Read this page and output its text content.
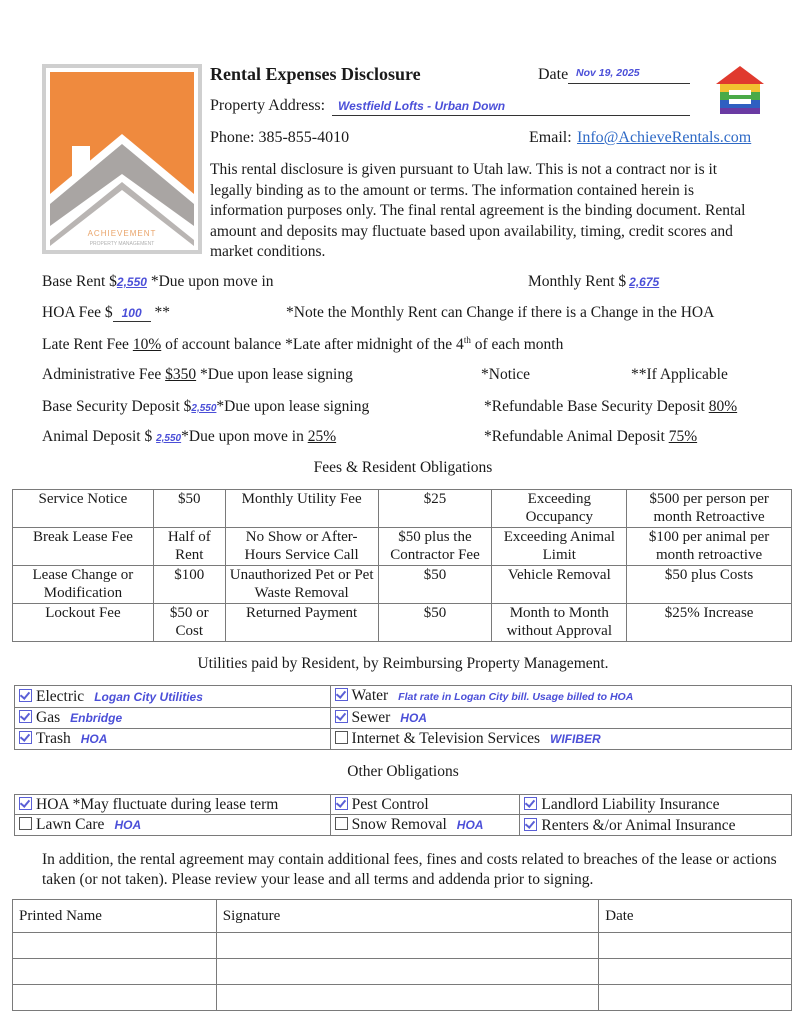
ACHIEVEMENT
PROPERTY MANAGEMENT
Rental Expenses Disclosure	Date Nov 19, 2025
Property Address: Westfield Lofts - Urban Down
Phone: 385-855-4010	Email: Info@AchieveRentals.com
This rental disclosure is given pursuant to Utah law. This is not a contract nor is it legally binding as to the amount or terms. The information contained herein is information purposes only. The final rental agreement is the binding document. Rental amount and deposits may fluctuate based upon availability, timing, credit scores and market conditions.
Base Rent $2,550 *Due upon move in	Monthly Rent $ 2,675
HOA Fee $ 100 **	*Note the Monthly Rent can Change if there is a Change in the HOA
Late Rent Fee 10% of account balance *Late after midnight of the 4th of each month
Administrative Fee $350 *Due upon lease signing	*Notice	**If Applicable
Base Security Deposit $2,550*Due upon lease signing	*Refundable Base Security Deposit 80%
Animal Deposit $ 2,550*Due upon move in 25%	*Refundable Animal Deposit 75%
Fees & Resident Obligations
Service Notice	$50	Monthly Utility Fee	$25	Exceeding Occupancy	$500 per person per month Retroactive
Break Lease Fee	Half of Rent	No Show or After-Hours Service Call	$50 plus the Contractor Fee	Exceeding Animal Limit	$100 per animal per month retroactive
Lease Change or Modification	$100	Unauthorized Pet or Pet Waste Removal	$50	Vehicle Removal	$50 plus Costs
Lockout Fee	$50 or Cost	Returned Payment	$50	Month to Month without Approval	$25% Increase
Utilities paid by Resident, by Reimbursing Property Management.
Electric Logan City Utilities	Water Flat rate in Logan City bill. Usage billed to HOA
Gas Enbridge	Sewer HOA
Trash HOA	Internet & Television Services WIFIBER
Other Obligations
HOA *May fluctuate during lease term	Pest Control	Landlord Liability Insurance
Lawn Care HOA	Snow Removal HOA	Renters &/or Animal Insurance
In addition, the rental agreement may contain additional fees, fines and costs related to breaches of the lease or actions taken (or not taken). Please review your lease and all terms and addenda prior to signing.
Printed Name	Signature	Date
